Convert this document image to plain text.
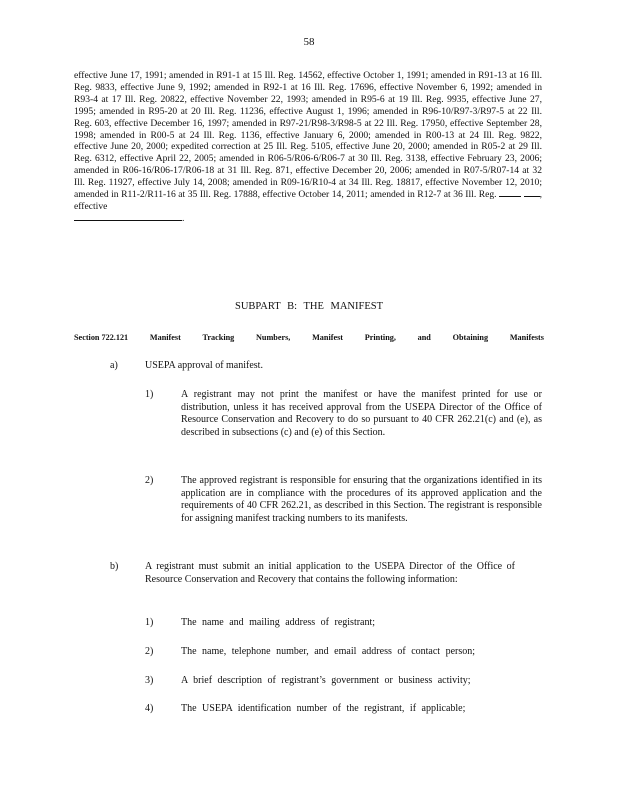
58
effective June 17, 1991; amended in R91-1 at 15 Ill. Reg. 14562, effective October 1, 1991; amended in R91-13 at 16 Ill. Reg. 9833, effective June 9, 1992; amended in R92-1 at 16 Ill. Reg. 17696, effective November 6, 1992; amended in R93-4 at 17 Ill. Reg. 20822, effective November 22, 1993; amended in R95-6 at 19 Ill. Reg. 9935, effective June 27, 1995; amended in R95-20 at 20 Ill. Reg. 11236, effective August 1, 1996; amended in R96-10/R97-3/R97-5 at 22 Ill. Reg. 603, effective December 16, 1997; amended in R97-21/R98-3/R98-5 at 22 Ill. Reg. 17950, effective September 28, 1998; amended in R00-5 at 24 Ill. Reg. 1136, effective January 6, 2000; amended in R00-13 at 24 Ill. Reg. 9822, effective June 20, 2000; expedited correction at 25 Ill. Reg. 5105, effective June 20, 2000; amended in R05-2 at 29 Ill. Reg. 6312, effective April 22, 2005; amended in R06-5/R06-6/R06-7 at 30 Ill. Reg. 3138, effective February 23, 2006; amended in R06-16/R06-17/R06-18 at 31 Ill. Reg. 871, effective December 20, 2006; amended in R07-5/R07-14 at 32 Ill. Reg. 11927, effective July 14, 2008; amended in R09-16/R10-4 at 34 Ill. Reg. 18817, effective November 12, 2010; amended in R11-2/R11-16 at 35 Ill. Reg. 17888, effective October 14, 2011; amended in R12-7 at 36 Ill. Reg.	, effective
.
SUBPART B: THE MANIFEST
Section 722.121	Manifest	Tracking	Numbers,	Manifest	Printing,	and	Obtaining	Manifests
a)	USEPA approval of manifest.
1)	A registrant may not print the manifest or have the manifest printed for use or distribution, unless it has received approval from the USEPA Director of the Office of Resource Conservation and Recovery to do so pursuant to 40 CFR 262.21(c) and (e), as described in subsections (c) and (e) of this Section.
2)	The approved registrant is responsible for ensuring that the organizations identified in its application are in compliance with the procedures of its approved application and the requirements of 40 CFR 262.21, as described in this Section. The registrant is responsible for assigning manifest tracking numbers to its manifests.
b)	A registrant must submit an initial application to the USEPA Director of the Office of Resource Conservation and Recovery that contains the following information:
1)	The name and mailing address of registrant;
2)	The name, telephone number, and email address of contact person;
3)	A brief description of registrant’s government or business activity;
4)	The USEPA identification number of the registrant, if applicable;
